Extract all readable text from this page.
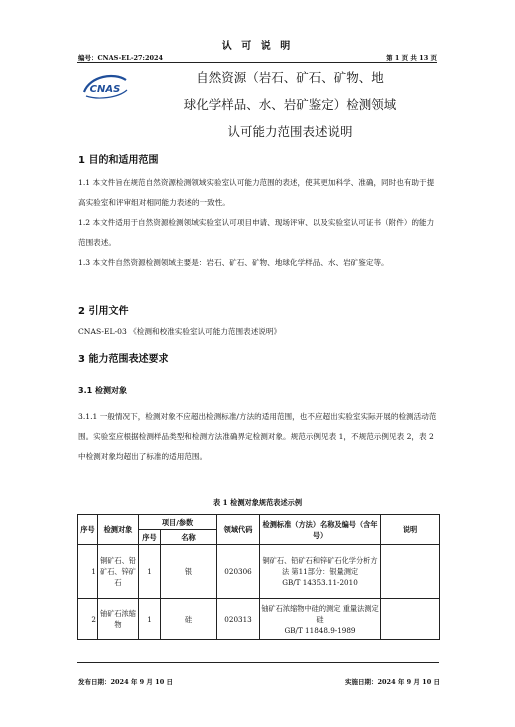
认 可 说 明
编号：CNAS-EL-27:2024	第 1 页 共 13 页
CNAS
自然资源（岩石、矿石、矿物、地
球化学样品、水、岩矿鉴定）检测领域
认可能力范围表述说明
1 目的和适用范围
1.1 本文件旨在规范自然资源检测领域实验室认可能力范围的表述，使其更加科学、准确，同时也有助于提高实验室和评审组对相同能力表述的一致性。
1.2 本文件适用于自然资源检测领域实验室认可项目申请、现场评审、以及实验室认可证书（附件）的能力范围表述。
1.3 本文件自然资源检测领域主要是：岩石、矿石、矿物、地球化学样品、水、岩矿鉴定等。
2 引用文件
CNAS-EL-03 《检测和校准实验室认可能力范围表述说明》
3 能力范围表述要求
3.1 检测对象
3.1.1 一般情况下，检测对象不应超出检测标准/方法的适用范围，也不应超出实验室实际开展的检测活动范围。实验室应根据检测样品类型和检测方法准确界定检测对象。规范示例见表 1，不规范示例见表 2，表 2 中检测对象均超出了标准的适用范围。
表 1 检测对象规范表述示例
序号	检测对象	项目/参数		领域代码	检测标准（方法）名称及编号（含年号）	说明
		序号	名称			
1	铜矿石、铅矿石、锌矿石	1	银	020306	铜矿石、铅矿石和锌矿石化学分析方法 第11部分：银量测定
GB/T 14353.11-2010	

2	铀矿石浓缩物	1	硅	020313	铀矿石浓缩物中硅的测定 重量法测定硅
GB/T 11848.9-1989	

发布日期：2024 年 9 月 10 日	实施日期：2024 年 9 月 10 日
